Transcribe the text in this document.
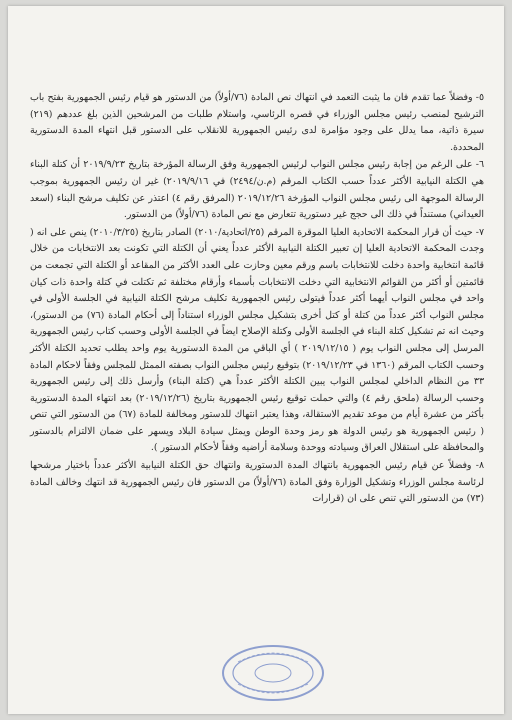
٥- وفضلاً عما تقدم فان ما يثبت التعمد في انتهاك نص المادة (٧٦/أولاً) من الدستور هو قيام رئيس الجمهورية بفتح باب الترشيح لمنصب رئيس مجلس الوزراء في قصره الرئاسي، واستلام طلبات من المرشحين الذين بلغ عددهم (٢١٩) سيرة ذاتية، مما يدلل على وجود مؤامرة لدى رئيس الجمهورية للانقلاب على الدستور قبل انتهاء المدة الدستورية المحددة.

٦- على الرغم من إجابة رئيس مجلس النواب لرئيس الجمهورية وفق الرسالة المؤرخة بتاريخ ٢٠١٩/٩/٢٣ أن كتلة البناء هي الكتلة النيابية الأكثر عدداً حسب الكتاب المرقم (م.ن/٢٤٩٤) في ٢٠١٩/٩/١٦) غير ان رئيس الجمهورية بموجب الرسالة الموجهة الى رئيس مجلس النواب المؤرخة ٢٠١٩/١٢/٢٦ (المرفق رقم ٤) اعتذر عن تكليف مرشح البناء (اسعد العيداني) مستنداً في ذلك الى حجج غير دستورية تتعارض مع نص المادة (٧٦/أولاً) من الدستور.

٧- حيث أن قرار المحكمة الاتحادية العليا الموقرة المرقم (٢٥/اتحادية/٢٠١٠) الصادر بتاريخ (٢٠١٠/٣/٢٥) ينص على انه ( وجدت المحكمة الاتحادية العليا إن تعبير الكتلة النيابية الأكثر عدداً يعني أن الكتلة التي تكونت بعد الانتخابات من خلال قائمة انتخابية واحدة دخلت للانتخابات باسم ورقم معين وحازت على العدد الأكثر من المقاعد أو الكتلة التي تجمعت من قائمتين أو أكثر من القوائم الانتخابية التي دخلت الانتخابات بأسماء وأرقام مختلفة ثم تكتلت في كتلة واحدة ذات كيان واحد في مجلس النواب أيهما أكثر عدداً فيتولى رئيس الجمهورية تكليف مرشح الكتلة النيابية في الجلسة الأولى في مجلس النواب أكثر عدداً من كتلة أو كتل أخرى بتشكيل مجلس الوزراء استناداً إلى أحكام المادة (٧٦) من الدستور)، وحيث انه تم تشكيل كتلة البناء في الجلسة الأولى وكتلة الإصلاح ايضاً في الجلسة الأولى وحسب كتاب رئيس الجمهورية المرسل إلى مجلس النواب يوم ( ٢٠١٩/١٢/١٥ ) أي الباقي من المدة الدستورية يوم واحد يطلب تحديد الكتلة الأكثر وحسب الكتاب المرقم (١٣٦٠ في ٢٠١٩/١٢/٢٣) بتوقيع رئيس مجلس النواب بصفته الممثل للمجلس وفقاً لاحكام المادة ٣٣ من النظام الداخلي لمجلس النواب يبين الكتلة الأكثر عدداً هي (كتلة البناء) وأرسل ذلك إلى رئيس الجمهورية وحسب الرسالة (ملحق رقم ٤) والتي حملت توقيع رئيس الجمهورية بتاريخ (٢٠١٩/١٢/٢٦) بعد انتهاء المدة الدستورية بأكثر من عشرة أيام من موعد تقديم الاستقالة، وهذا يعتبر انتهاك للدستور ومخالفة للمادة (٦٧) من الدستور التي تنص ( رئيس الجمهورية هو رئيس الدولة هو رمز وحدة الوطن ويمثل سيادة البلاد ويسهر على ضمان الالتزام بالدستور والمحافظة على استقلال العراق وسيادته ووحدة وسلامة أراضيه وفقاً لأحكام الدستور ).

٨- وفضلاً عن قيام رئيس الجمهورية بانتهاك المدة الدستورية وانتهاك حق الكتلة النيابية الأكثر عدداً باختيار مرشحها لرئاسة مجلس الوزراء وتشكيل الوزارة وفق المادة (٧٦/أولاً) من الدستور فان رئيس الجمهورية قد انتهك وخالف المادة (٧٣) من الدستور التي تنص على ان (قرارات
